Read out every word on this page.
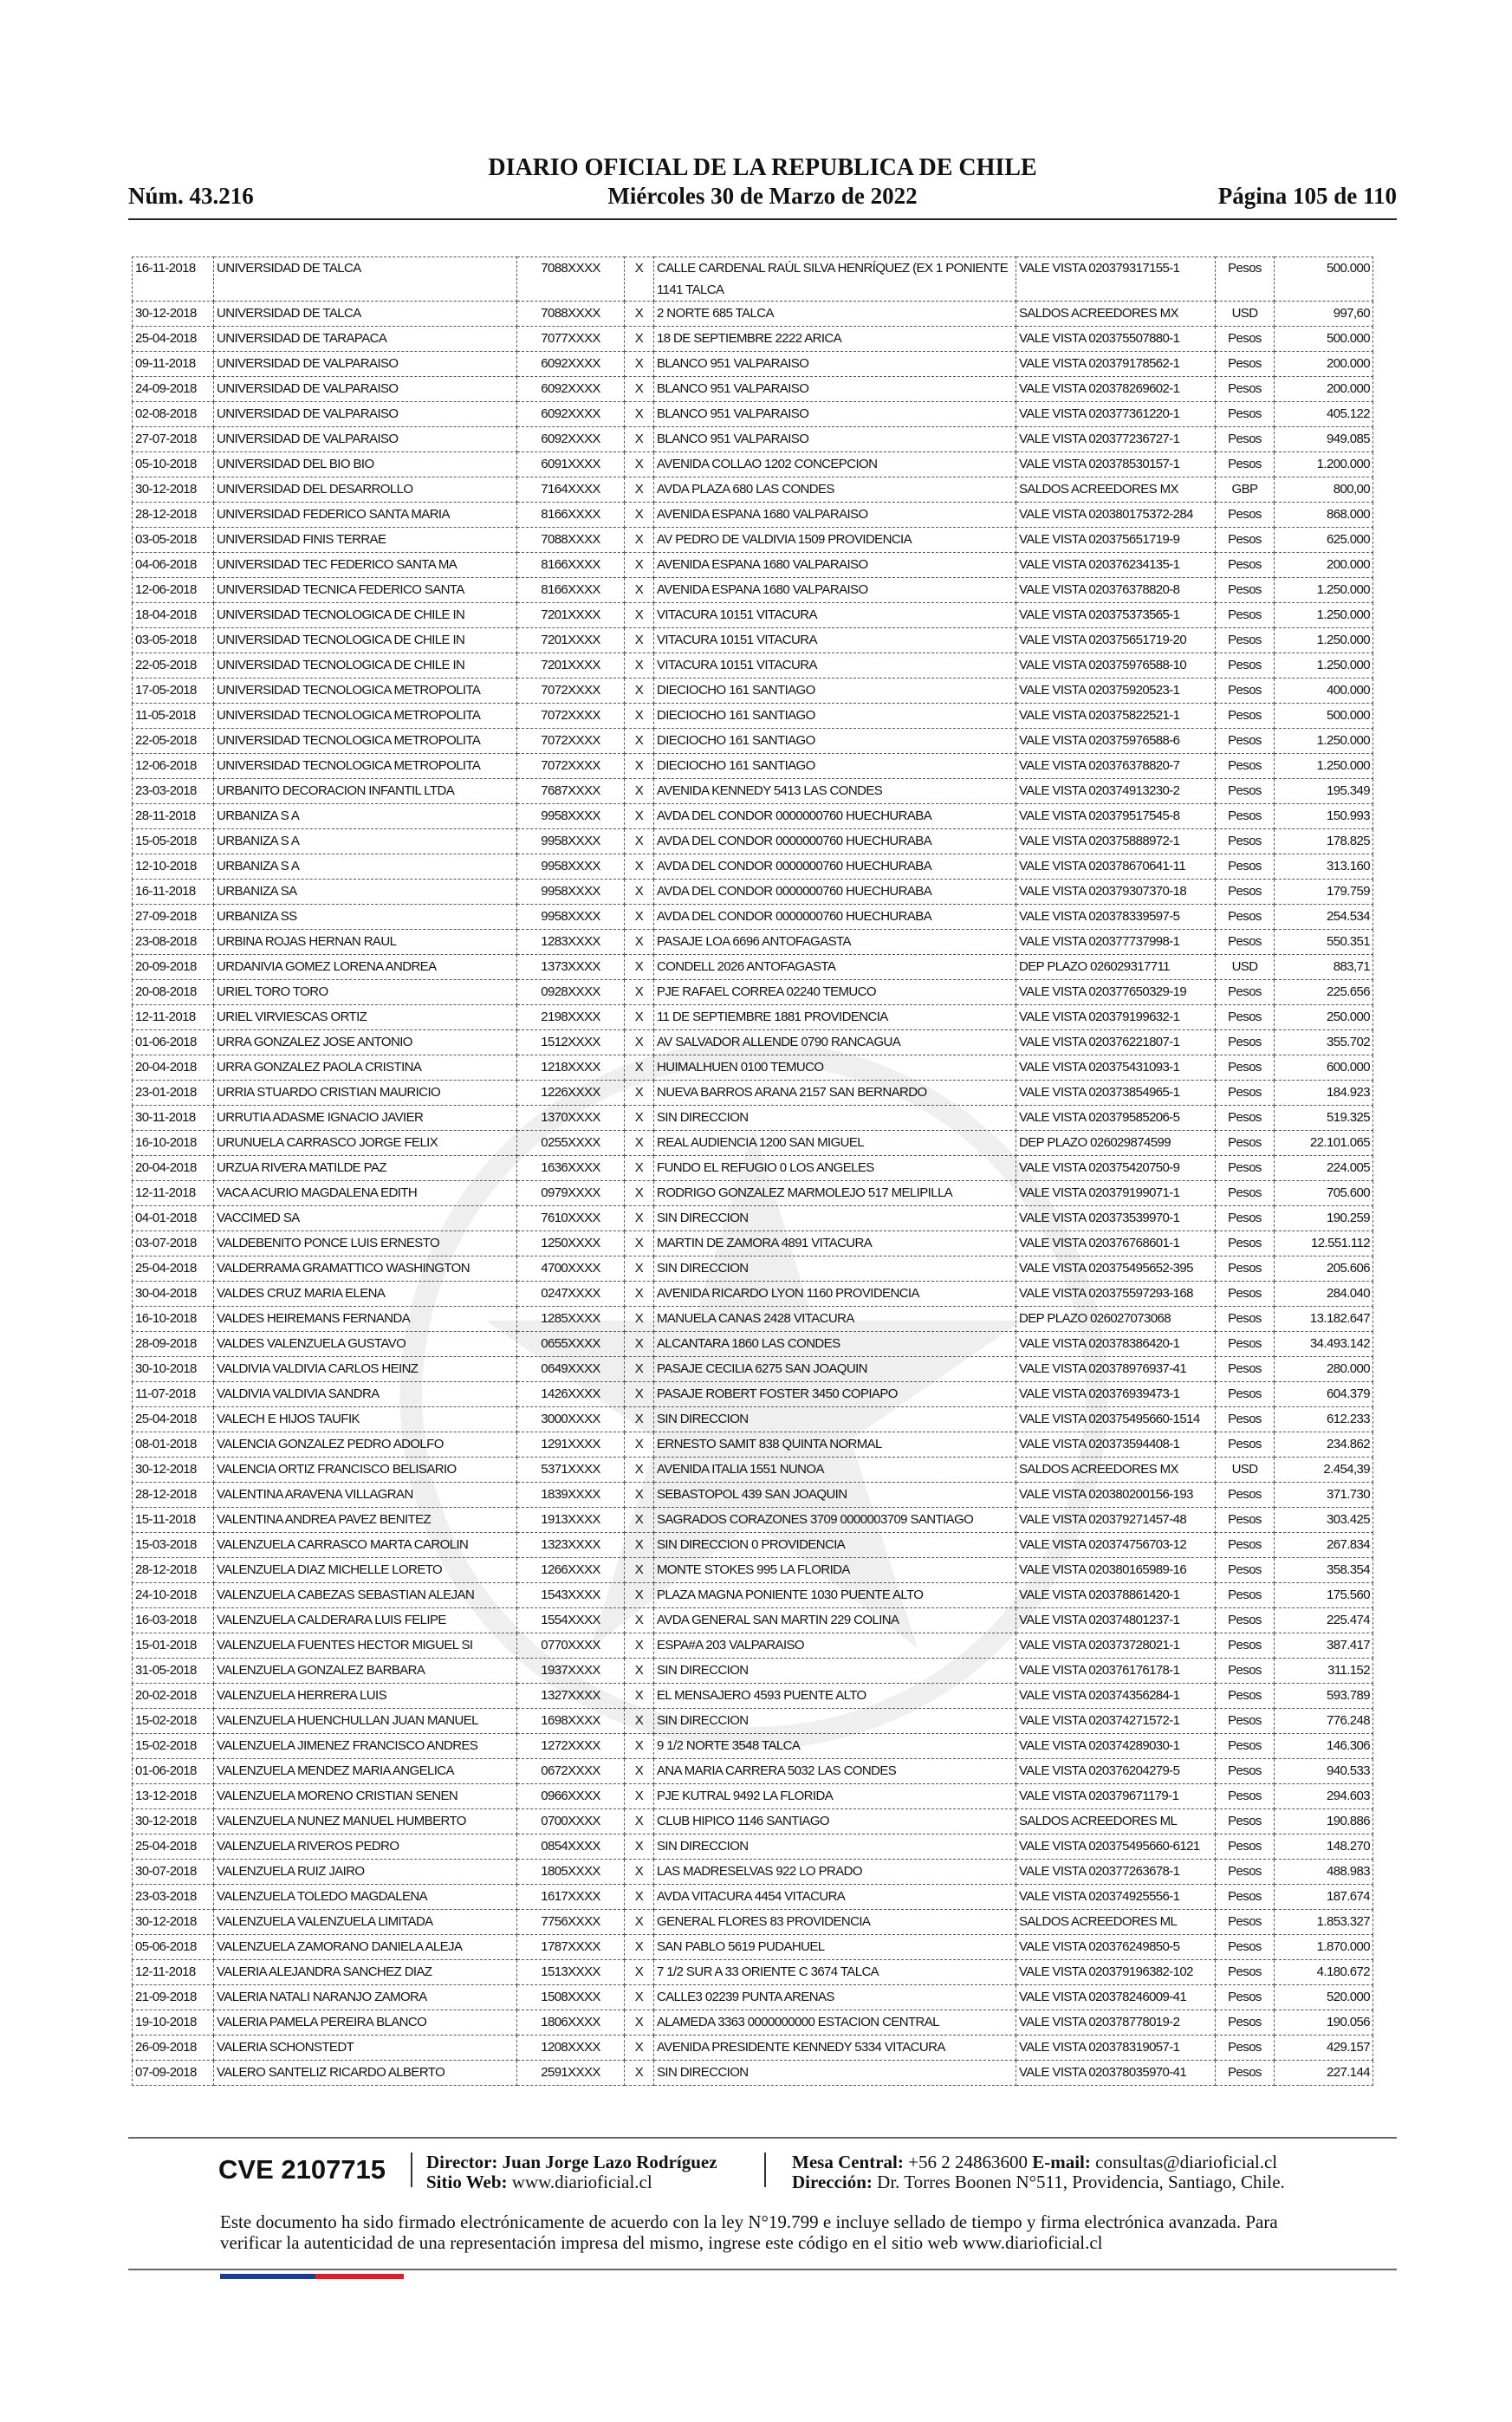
Núm. 43.216
DIARIO OFICIAL DE LA REPUBLICA DE CHILE
Miércoles 30 de Marzo de 2022	Página 105 de 110
16-11-2018	UNIVERSIDAD DE TALCA	7088XXXX	X	CALLE CARDENAL RAÚL SILVA HENRÍQUEZ (EX 1 PONIENTE 1141 TALCA	VALE VISTA 020379317155-1	Pesos	500.000
30-12-2018	UNIVERSIDAD DE TALCA	7088XXXX	X	2 NORTE 685 TALCA	SALDOS ACREEDORES MX	USD	997,60
25-04-2018	UNIVERSIDAD DE TARAPACA	7077XXXX	X	18 DE SEPTIEMBRE 2222 ARICA	VALE VISTA 020375507880-1	Pesos	500.000
09-11-2018	UNIVERSIDAD DE VALPARAISO	6092XXXX	X	BLANCO 951 VALPARAISO	VALE VISTA 020379178562-1	Pesos	200.000
24-09-2018	UNIVERSIDAD DE VALPARAISO	6092XXXX	X	BLANCO 951 VALPARAISO	VALE VISTA 020378269602-1	Pesos	200.000
02-08-2018	UNIVERSIDAD DE VALPARAISO	6092XXXX	X	BLANCO 951 VALPARAISO	VALE VISTA 020377361220-1	Pesos	405.122
27-07-2018	UNIVERSIDAD DE VALPARAISO	6092XXXX	X	BLANCO 951 VALPARAISO	VALE VISTA 020377236727-1	Pesos	949.085
05-10-2018	UNIVERSIDAD DEL BIO BIO	6091XXXX	X	AVENIDA COLLAO 1202 CONCEPCION	VALE VISTA 020378530157-1	Pesos	1.200.000
30-12-2018	UNIVERSIDAD DEL DESARROLLO	7164XXXX	X	AVDA PLAZA 680 LAS CONDES	SALDOS ACREEDORES MX	GBP	800,00
28-12-2018	UNIVERSIDAD FEDERICO SANTA MARIA	8166XXXX	X	AVENIDA ESPANA 1680 VALPARAISO	VALE VISTA 020380175372-284	Pesos	868.000
03-05-2018	UNIVERSIDAD FINIS TERRAE	7088XXXX	X	AV PEDRO DE VALDIVIA 1509 PROVIDENCIA	VALE VISTA 020375651719-9	Pesos	625.000
04-06-2018	UNIVERSIDAD TEC FEDERICO SANTA MA	8166XXXX	X	AVENIDA ESPANA 1680 VALPARAISO	VALE VISTA 020376234135-1	Pesos	200.000
12-06-2018	UNIVERSIDAD TECNICA FEDERICO SANTA	8166XXXX	X	AVENIDA ESPANA 1680 VALPARAISO	VALE VISTA 020376378820-8	Pesos	1.250.000
18-04-2018	UNIVERSIDAD TECNOLOGICA DE CHILE IN	7201XXXX	X	VITACURA 10151 VITACURA	VALE VISTA 020375373565-1	Pesos	1.250.000
03-05-2018	UNIVERSIDAD TECNOLOGICA DE CHILE IN	7201XXXX	X	VITACURA 10151 VITACURA	VALE VISTA 020375651719-20	Pesos	1.250.000
22-05-2018	UNIVERSIDAD TECNOLOGICA DE CHILE IN	7201XXXX	X	VITACURA 10151 VITACURA	VALE VISTA 020375976588-10	Pesos	1.250.000
17-05-2018	UNIVERSIDAD TECNOLOGICA METROPOLITA	7072XXXX	X	DIECIOCHO 161 SANTIAGO	VALE VISTA 020375920523-1	Pesos	400.000
11-05-2018	UNIVERSIDAD TECNOLOGICA METROPOLITA	7072XXXX	X	DIECIOCHO 161 SANTIAGO	VALE VISTA 020375822521-1	Pesos	500.000
22-05-2018	UNIVERSIDAD TECNOLOGICA METROPOLITA	7072XXXX	X	DIECIOCHO 161 SANTIAGO	VALE VISTA 020375976588-6	Pesos	1.250.000
12-06-2018	UNIVERSIDAD TECNOLOGICA METROPOLITA	7072XXXX	X	DIECIOCHO 161 SANTIAGO	VALE VISTA 020376378820-7	Pesos	1.250.000
23-03-2018	URBANITO DECORACION INFANTIL LTDA	7687XXXX	X	AVENIDA KENNEDY 5413 LAS CONDES	VALE VISTA 020374913230-2	Pesos	195.349
28-11-2018	URBANIZA S A	9958XXXX	X	AVDA DEL CONDOR 0000000760 HUECHURABA	VALE VISTA 020379517545-8	Pesos	150.993
15-05-2018	URBANIZA S A	9958XXXX	X	AVDA DEL CONDOR 0000000760 HUECHURABA	VALE VISTA 020375888972-1	Pesos	178.825
12-10-2018	URBANIZA S A	9958XXXX	X	AVDA DEL CONDOR 0000000760 HUECHURABA	VALE VISTA 020378670641-11	Pesos	313.160
16-11-2018	URBANIZA SA	9958XXXX	X	AVDA DEL CONDOR 0000000760 HUECHURABA	VALE VISTA 020379307370-18	Pesos	179.759
27-09-2018	URBANIZA SS	9958XXXX	X	AVDA DEL CONDOR 0000000760 HUECHURABA	VALE VISTA 020378339597-5	Pesos	254.534
23-08-2018	URBINA ROJAS HERNAN RAUL	1283XXXX	X	PASAJE LOA 6696 ANTOFAGASTA	VALE VISTA 020377737998-1	Pesos	550.351
20-09-2018	URDANIVIA GOMEZ LORENA ANDREA	1373XXXX	X	CONDELL 2026 ANTOFAGASTA	DEP PLAZO 026029317711	USD	883,71
20-08-2018	URIEL TORO TORO	0928XXXX	X	PJE RAFAEL CORREA 02240 TEMUCO	VALE VISTA 020377650329-19	Pesos	225.656
12-11-2018	URIEL VIRVIESCAS ORTIZ	2198XXXX	X	11 DE SEPTIEMBRE 1881 PROVIDENCIA	VALE VISTA 020379199632-1	Pesos	250.000
01-06-2018	URRA GONZALEZ JOSE ANTONIO	1512XXXX	X	AV SALVADOR ALLENDE 0790 RANCAGUA	VALE VISTA 020376221807-1	Pesos	355.702
20-04-2018	URRA GONZALEZ PAOLA CRISTINA	1218XXXX	X	HUIMALHUEN 0100 TEMUCO	VALE VISTA 020375431093-1	Pesos	600.000
23-01-2018	URRIA STUARDO CRISTIAN MAURICIO	1226XXXX	X	NUEVA BARROS ARANA 2157 SAN BERNARDO	VALE VISTA 020373854965-1	Pesos	184.923
30-11-2018	URRUTIA ADASME IGNACIO JAVIER	1370XXXX	X	SIN DIRECCION	VALE VISTA 020379585206-5	Pesos	519.325
16-10-2018	URUNUELA CARRASCO JORGE FELIX	0255XXXX	X	REAL AUDIENCIA 1200 SAN MIGUEL	DEP PLAZO 026029874599	Pesos	22.101.065
20-04-2018	URZUA RIVERA MATILDE PAZ	1636XXXX	X	FUNDO EL REFUGIO 0 LOS ANGELES	VALE VISTA 020375420750-9	Pesos	224.005
12-11-2018	VACA ACURIO MAGDALENA EDITH	0979XXXX	X	RODRIGO GONZALEZ MARMOLEJO 517 MELIPILLA	VALE VISTA 020379199071-1	Pesos	705.600
04-01-2018	VACCIMED SA	7610XXXX	X	SIN DIRECCION	VALE VISTA 020373539970-1	Pesos	190.259
03-07-2018	VALDEBENITO PONCE LUIS ERNESTO	1250XXXX	X	MARTIN DE ZAMORA 4891 VITACURA	VALE VISTA 020376768601-1	Pesos	12.551.112
25-04-2018	VALDERRAMA GRAMATTICO WASHINGTON	4700XXXX	X	SIN DIRECCION	VALE VISTA 020375495652-395	Pesos	205.606
30-04-2018	VALDES CRUZ MARIA ELENA	0247XXXX	X	AVENIDA RICARDO LYON 1160 PROVIDENCIA	VALE VISTA 020375597293-168	Pesos	284.040
16-10-2018	VALDES HEIREMANS FERNANDA	1285XXXX	X	MANUELA CANAS 2428 VITACURA	DEP PLAZO 026027073068	Pesos	13.182.647
28-09-2018	VALDES VALENZUELA GUSTAVO	0655XXXX	X	ALCANTARA 1860 LAS CONDES	VALE VISTA 020378386420-1	Pesos	34.493.142
30-10-2018	VALDIVIA VALDIVIA CARLOS HEINZ	0649XXXX	X	PASAJE CECILIA 6275 SAN JOAQUIN	VALE VISTA 020378976937-41	Pesos	280.000
11-07-2018	VALDIVIA VALDIVIA SANDRA	1426XXXX	X	PASAJE ROBERT FOSTER 3450 COPIAPO	VALE VISTA 020376939473-1	Pesos	604.379
25-04-2018	VALECH E HIJOS TAUFIK	3000XXXX	X	SIN DIRECCION	VALE VISTA 020375495660-1514	Pesos	612.233
08-01-2018	VALENCIA GONZALEZ PEDRO ADOLFO	1291XXXX	X	ERNESTO SAMIT 838 QUINTA NORMAL	VALE VISTA 020373594408-1	Pesos	234.862
30-12-2018	VALENCIA ORTIZ FRANCISCO BELISARIO	5371XXXX	X	AVENIDA ITALIA 1551 NUNOA	SALDOS ACREEDORES MX	USD	2.454,39
28-12-2018	VALENTINA ARAVENA VILLAGRAN	1839XXXX	X	SEBASTOPOL 439 SAN JOAQUIN	VALE VISTA 020380200156-193	Pesos	371.730
15-11-2018	VALENTINA ANDREA PAVEZ BENITEZ	1913XXXX	X	SAGRADOS CORAZONES 3709 0000003709 SANTIAGO	VALE VISTA 020379271457-48	Pesos	303.425
15-03-2018	VALENZUELA CARRASCO MARTA CAROLIN	1323XXXX	X	SIN DIRECCION 0 PROVIDENCIA	VALE VISTA 020374756703-12	Pesos	267.834
28-12-2018	VALENZUELA DIAZ MICHELLE LORETO	1266XXXX	X	MONTE STOKES 995 LA FLORIDA	VALE VISTA 020380165989-16	Pesos	358.354
24-10-2018	VALENZUELA CABEZAS SEBASTIAN ALEJAN	1543XXXX	X	PLAZA MAGNA PONIENTE 1030 PUENTE ALTO	VALE VISTA 020378861420-1	Pesos	175.560
16-03-2018	VALENZUELA CALDERARA LUIS FELIPE	1554XXXX	X	AVDA GENERAL SAN MARTIN 229 COLINA	VALE VISTA 020374801237-1	Pesos	225.474
15-01-2018	VALENZUELA FUENTES HECTOR MIGUEL SI	0770XXXX	X	ESPA#A 203 VALPARAISO	VALE VISTA 020373728021-1	Pesos	387.417
31-05-2018	VALENZUELA GONZALEZ BARBARA	1937XXXX	X	SIN DIRECCION	VALE VISTA 020376176178-1	Pesos	311.152
20-02-2018	VALENZUELA HERRERA LUIS	1327XXXX	X	EL MENSAJERO 4593 PUENTE ALTO	VALE VISTA 020374356284-1	Pesos	593.789
15-02-2018	VALENZUELA HUENCHULLAN JUAN MANUEL	1698XXXX	X	SIN DIRECCION	VALE VISTA 020374271572-1	Pesos	776.248
15-02-2018	VALENZUELA JIMENEZ FRANCISCO ANDRES	1272XXXX	X	9 1/2 NORTE 3548 TALCA	VALE VISTA 020374289030-1	Pesos	146.306
01-06-2018	VALENZUELA MENDEZ MARIA ANGELICA	0672XXXX	X	ANA MARIA CARRERA 5032 LAS CONDES	VALE VISTA 020376204279-5	Pesos	940.533
13-12-2018	VALENZUELA MORENO CRISTIAN SENEN	0966XXXX	X	PJE KUTRAL 9492 LA FLORIDA	VALE VISTA 020379671179-1	Pesos	294.603
30-12-2018	VALENZUELA NUNEZ MANUEL HUMBERTO	0700XXXX	X	CLUB HIPICO 1146 SANTIAGO	SALDOS ACREEDORES ML	Pesos	190.886
25-04-2018	VALENZUELA RIVEROS PEDRO	0854XXXX	X	SIN DIRECCION	VALE VISTA 020375495660-6121	Pesos	148.270
30-07-2018	VALENZUELA RUIZ JAIRO	1805XXXX	X	LAS MADRESELVAS 922 LO PRADO	VALE VISTA 020377263678-1	Pesos	488.983
23-03-2018	VALENZUELA TOLEDO MAGDALENA	1617XXXX	X	AVDA VITACURA 4454 VITACURA	VALE VISTA 020374925556-1	Pesos	187.674
30-12-2018	VALENZUELA VALENZUELA LIMITADA	7756XXXX	X	GENERAL FLORES 83 PROVIDENCIA	SALDOS ACREEDORES ML	Pesos	1.853.327
05-06-2018	VALENZUELA ZAMORANO DANIELA ALEJA	1787XXXX	X	SAN PABLO 5619 PUDAHUEL	VALE VISTA 020376249850-5	Pesos	1.870.000
12-11-2018	VALERIA ALEJANDRA SANCHEZ DIAZ	1513XXXX	X	7 1/2 SUR A 33 ORIENTE C 3674 TALCA	VALE VISTA 020379196382-102	Pesos	4.180.672
21-09-2018	VALERIA NATALI NARANJO ZAMORA	1508XXXX	X	CALLE3 02239 PUNTA ARENAS	VALE VISTA 020378246009-41	Pesos	520.000
19-10-2018	VALERIA PAMELA PEREIRA BLANCO	1806XXXX	X	ALAMEDA 3363 0000000000 ESTACION CENTRAL	VALE VISTA 020378778019-2	Pesos	190.056
26-09-2018	VALERIA SCHONSTEDT	1208XXXX	X	AVENIDA PRESIDENTE KENNEDY 5334 VITACURA	VALE VISTA 020378319057-1	Pesos	429.157
07-09-2018	VALERO SANTELIZ RICARDO ALBERTO	2591XXXX	X	SIN DIRECCION	VALE VISTA 020378035970-41	Pesos	227.144
CVE 2107715 Director: Juan Jorge Lazo Rodríguez
Sitio Web: www.diarioficial.cl
Mesa Central: +56 2 24863600 E-mail: consultas@diarioficial.cl
Dirección: Dr. Torres Boonen N°511, Providencia, Santiago, Chile.
Este documento ha sido firmado electrónicamente de acuerdo con la ley N°19.799 e incluye sellado de tiempo y firma electrónica avanzada. Para verificar la autenticidad de una representación impresa del mismo, ingrese este código en el sitio web www.diarioficial.cl
